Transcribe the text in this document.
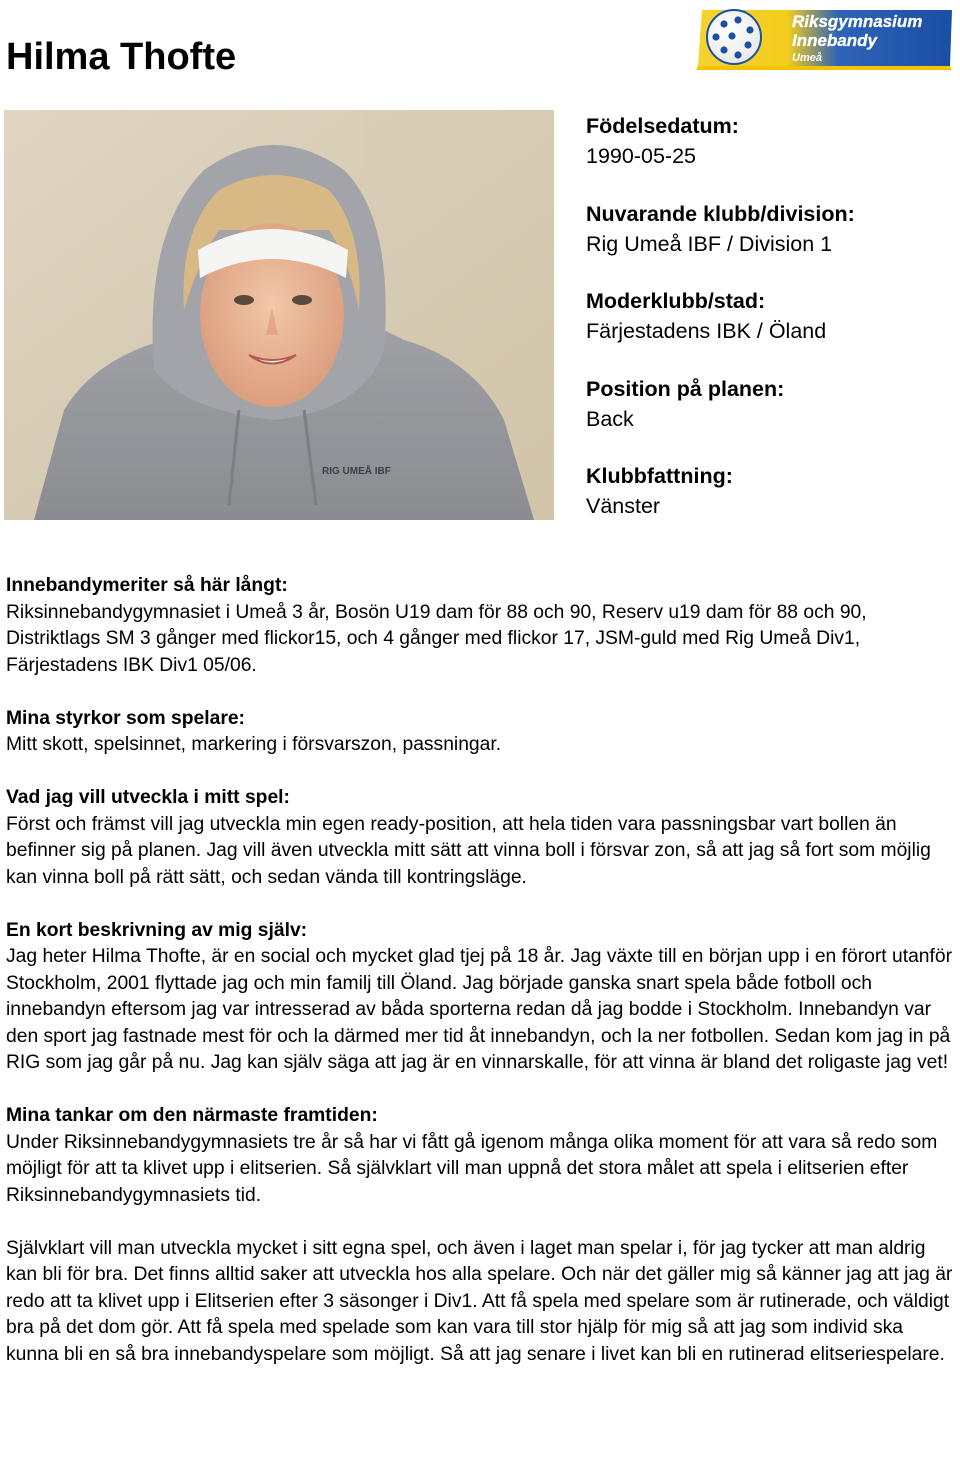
Hilma Thofte
Riksgymnasium
Innebandy
Umeå
RIG UMEÅ IBF
Födelsedatum:
1990-05-25
Nuvarande klubb/division:
Rig Umeå IBF / Division 1
Moderklubb/stad:
Färjestadens IBK / Öland
Position på planen:
Back
Klubbfattning:
Vänster
Innebandymeriter så här långt:
Riksinnebandygymnasiet i Umeå 3 år, Bosön U19 dam för 88 och 90, Reserv u19 dam för 88 och 90, Distriktlags SM 3 gånger med flickor15, och 4 gånger med flickor 17, JSM-guld med Rig Umeå Div1, Färjestadens IBK Div1 05/06.
Mina styrkor som spelare:
Mitt skott, spelsinnet, markering i försvarszon, passningar.
Vad jag vill utveckla i mitt spel:
Först och främst vill jag utveckla min egen ready-position, att hela tiden vara passningsbar vart bollen än befinner sig på planen. Jag vill även utveckla mitt sätt att vinna boll i försvar zon, så att jag så fort som möjlig kan vinna boll på rätt sätt, och sedan vända till kontringsläge.
En kort beskrivning av mig själv:
Jag heter Hilma Thofte, är en social och mycket glad tjej på 18 år. Jag växte till en början upp i en förort utanför Stockholm, 2001 flyttade jag och min familj till Öland. Jag började ganska snart spela både fotboll och innebandyn eftersom jag var intresserad av båda sporterna redan då jag bodde i Stockholm. Innebandyn var den sport jag fastnade mest för och la därmed mer tid åt innebandyn, och la ner fotbollen. Sedan kom jag in på RIG som jag går på nu. Jag kan själv säga att jag är en vinnarskalle, för att vinna är bland det roligaste jag vet!
Mina tankar om den närmaste framtiden:
Under Riksinnebandygymnasiets tre år så har vi fått gå igenom många olika moment för att vara så redo som möjligt för att ta klivet upp i elitserien. Så självklart vill man uppnå det stora målet att spela i elitserien efter Riksinnebandygymnasiets tid.
Självklart vill man utveckla mycket i sitt egna spel, och även i laget man spelar i, för jag tycker att man aldrig kan bli för bra. Det finns alltid saker att utveckla hos alla spelare. Och när det gäller mig så känner jag att jag är redo att ta klivet upp i Elitserien efter 3 säsonger i Div1. Att få spela med spelare som är rutinerade, och väldigt bra på det dom gör. Att få spela med spelade som kan vara till stor hjälp för mig så att jag som individ ska kunna bli en så bra innebandyspelare som möjligt. Så att jag senare i livet kan bli en rutinerad elitseriespelare.
